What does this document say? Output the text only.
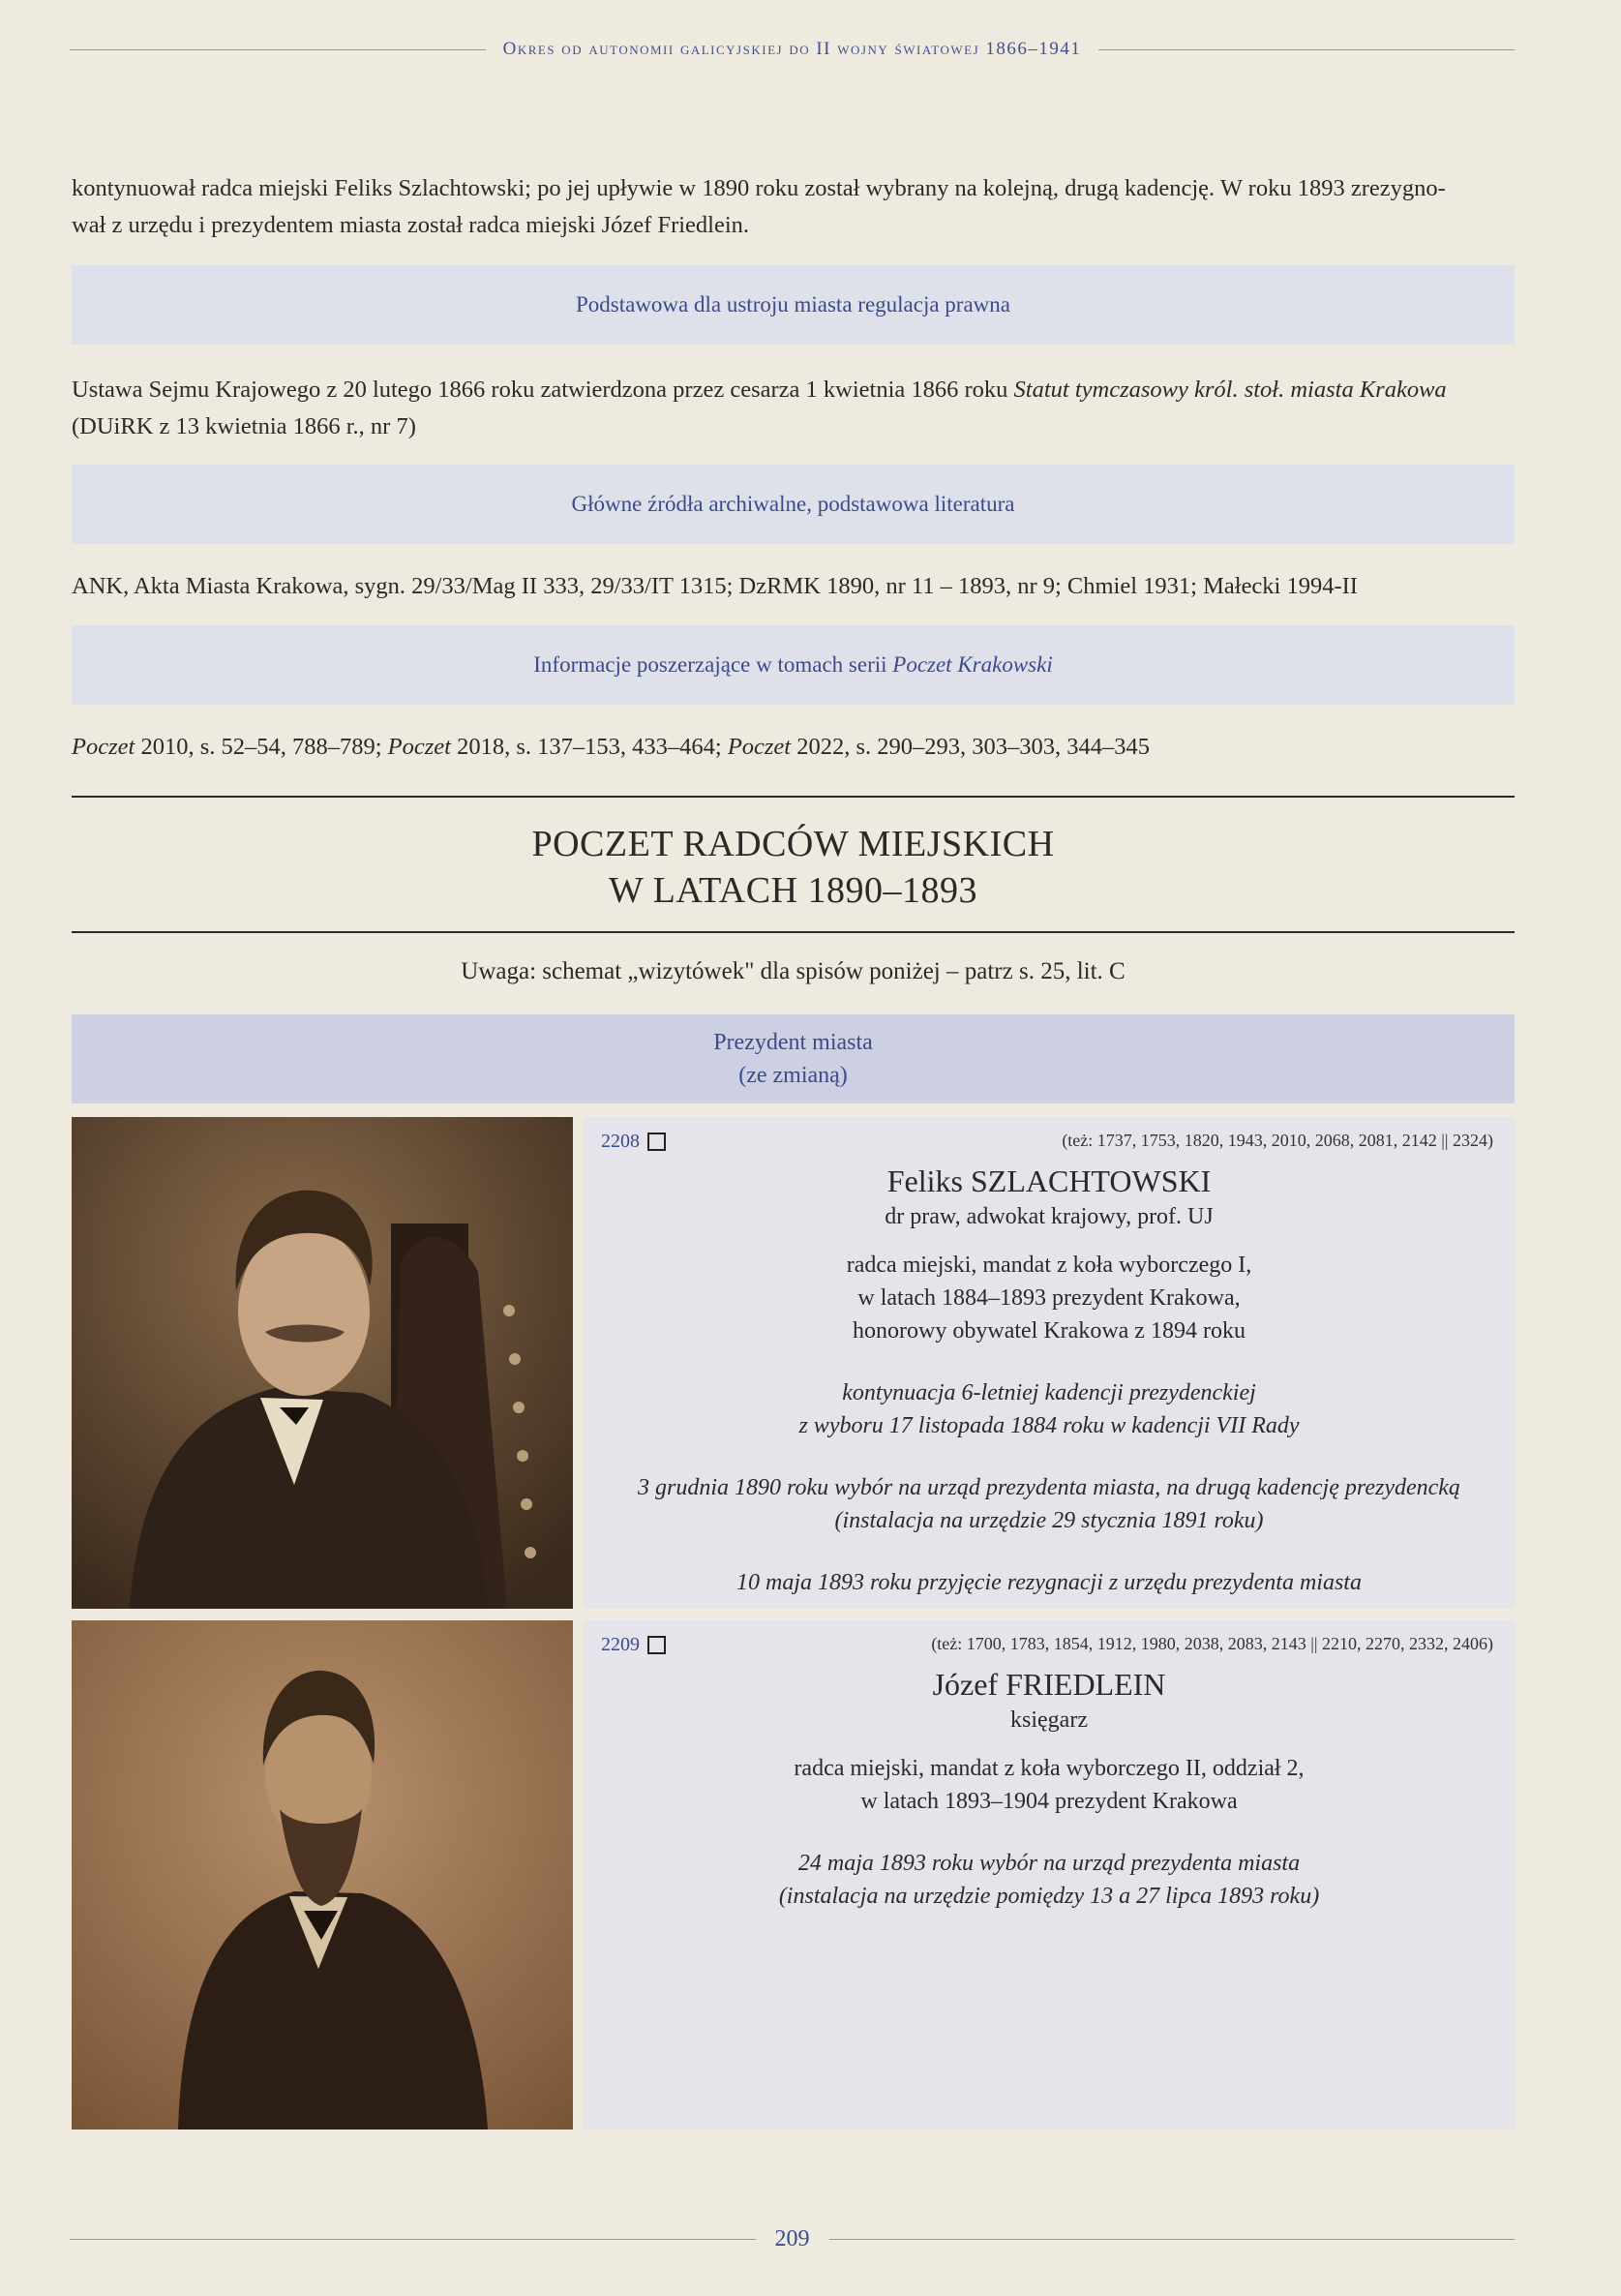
Okres od autonomii galicyjskiej do II wojny światowej 1866–1941
kontynuował radca miejski Feliks Szlachtowski; po jej upływie w 1890 roku został wybrany na kolejną, drugą kadencję. W roku 1893 zrezygno-
wał z urzędu i prezydentem miasta został radca miejski Józef Friedlein.
Podstawowa dla ustroju miasta regulacja prawna
Ustawa Sejmu Krajowego z 20 lutego 1866 roku zatwierdzona przez cesarza 1 kwietnia 1866 roku Statut tymczasowy król. stoł. miasta Krakowa
(DUiRK z 13 kwietnia 1866 r., nr 7)
Główne źródła archiwalne, podstawowa literatura
ANK, Akta Miasta Krakowa, sygn. 29/33/Mag II 333, 29/33/IT 1315; DzRMK 1890, nr 11 – 1893, nr 9; Chmiel 1931; Małecki 1994-II
Informacje poszerzające w tomach serii Poczet Krakowski
Poczet 2010, s. 52–54, 788–789; Poczet 2018, s. 137–153, 433–464; Poczet 2022, s. 290–293, 303–303, 344–345
POCZET RADCÓW MIEJSKICH
W LATACH 1890–1893
Uwaga: schemat „wizytówek" dla spisów poniżej – patrz s. 25, lit. C
Prezydent miasta
(ze zmianą)
2208	(też: 1737, 1753, 1820, 1943, 2010, 2068, 2081, 2142 || 2324)
Feliks SZLACHTOWSKI
dr praw, adwokat krajowy, prof. UJ
radca miejski, mandat z koła wyborczego I,
w latach 1884–1893 prezydent Krakowa,
honorowy obywatel Krakowa z 1894 roku
kontynuacja 6-letniej kadencji prezydenckiej
z wyboru 17 listopada 1884 roku w kadencji VII Rady
3 grudnia 1890 roku wybór na urząd prezydenta miasta, na drugą kadencję prezydencką
(instalacja na urzędzie 29 stycznia 1891 roku)
10 maja 1893 roku przyjęcie rezygnacji z urzędu prezydenta miasta
2209	(też: 1700, 1783, 1854, 1912, 1980, 2038, 2083, 2143 || 2210, 2270, 2332, 2406)
Józef FRIEDLEIN
księgarz
radca miejski, mandat z koła wyborczego II, oddział 2,
w latach 1893–1904 prezydent Krakowa
24 maja 1893 roku wybór na urząd prezydenta miasta
(instalacja na urzędzie pomiędzy 13 a 27 lipca 1893 roku)
209
